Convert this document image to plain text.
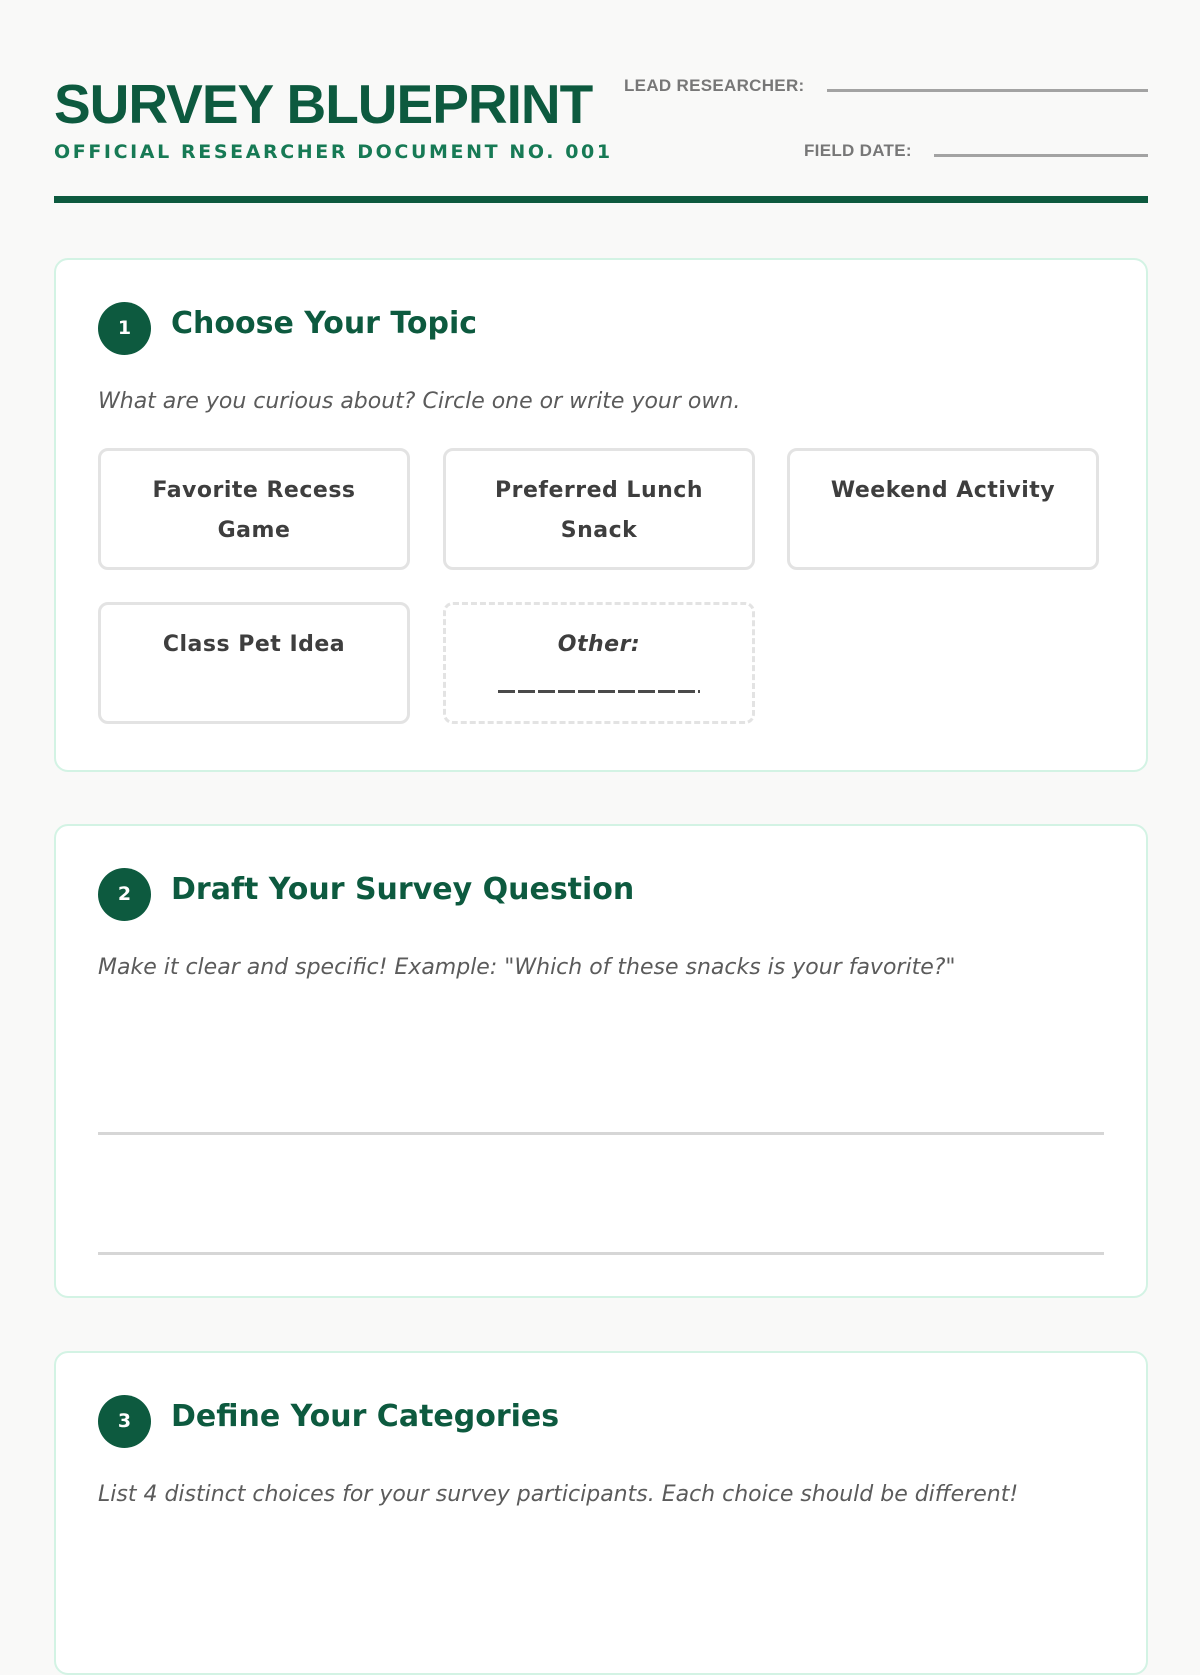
SURVEY BLUEPRINT
OFFICIAL RESEARCHER DOCUMENT NO. 001
LEAD RESEARCHER:
FIELD DATE:
1	Choose Your Topic
What are you curious about? Circle one or write your own.
Favorite Recess Game
Preferred Lunch Snack
Weekend Activity
Class Pet Idea	Other:
2	Draft Your Survey Question
Make it clear and specific! Example: "Which of these snacks is your favorite?"
3	Define Your Categories
List 4 distinct choices for your survey participants. Each choice should be different!
